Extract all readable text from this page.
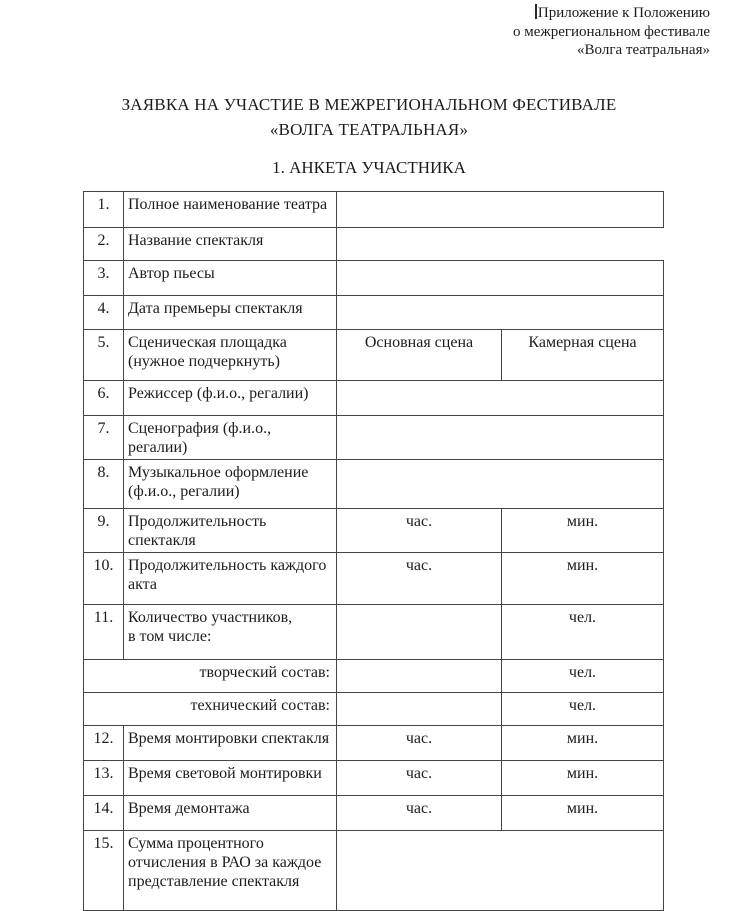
Приложение к Положению
о межрегиональном фестивале
«Волга театральная»
ЗАЯВКА НА УЧАСТИЕ В МЕЖРЕГИОНАЛЬНОМ ФЕСТИВАЛЕ
«ВОЛГА ТЕАТРАЛЬНАЯ»
1. АНКЕТА УЧАСТНИКА
1.	Полное наименование театра		
2.	Название спектакля		
3.	Автор пьесы		
4.	Дата премьеры спектакля		
5.	Сценическая площадка (нужное подчеркнуть)	Основная сцена	Камерная сцена
6.	Режиссер (ф.и.о., регалии)		
7.	Сценография (ф.и.о., регалии)		
8.	Музыкальное оформление (ф.и.о., регалии)		
9.	Продолжительность спектакля	час.	мин.
10.	Продолжительность каждого акта	час.	мин.
11.	Количество участников, в том числе:		чел.
творческий состав:			чел.
технический состав:			чел.
12.	Время монтировки спектакля	час.	мин.
13.	Время световой монтировки	час.	мин.
14.	Время демонтажа	час.	мин.
15.	Сумма процентного отчисления в РАО за каждое представление спектакля		
